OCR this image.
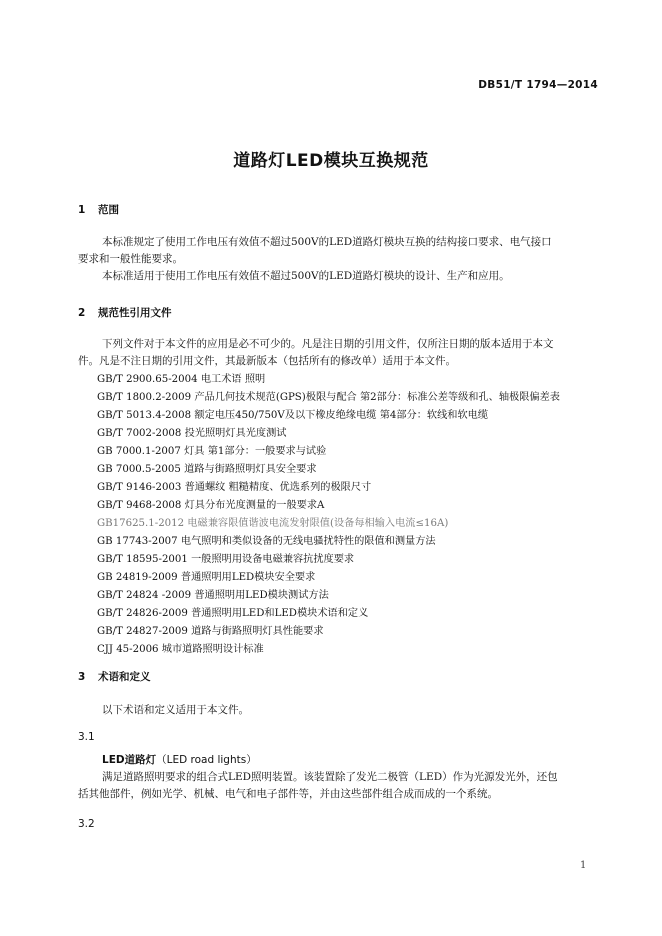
DB51/T 1794—2014
道路灯LED模块互换规范
1 范围
本标准规定了使用工作电压有效值不超过500V的LED道路灯模块互换的结构接口要求、电气接口
要求和一般性能要求。
本标准适用于使用工作电压有效值不超过500V的LED道路灯模块的设计、生产和应用。
2 规范性引用文件
下列文件对于本文件的应用是必不可少的。凡是注日期的引用文件，仅所注日期的版本适用于本文
件。凡是不注日期的引用文件，其最新版本（包括所有的修改单）适用于本文件。
GB/T 2900.65-2004 电工术语 照明
GB/T 1800.2-2009 产品几何技术规范(GPS)极限与配合 第2部分：标准公差等级和孔、轴极限偏差表
GB/T 5013.4-2008 额定电压450/750V及以下橡皮绝缘电缆 第4部分：软线和软电缆
GB/T 7002-2008 投光照明灯具光度测试
GB 7000.1-2007 灯具 第1部分：一般要求与试验
GB 7000.5-2005 道路与街路照明灯具安全要求
GB/T 9146-2003 普通螺纹 粗糙精度、优选系列的极限尺寸
GB/T 9468-2008 灯具分布光度测量的一般要求A
GB17625.1-2012 电磁兼容限值谐波电流发射限值(设备每相输入电流≤16A)
GB 17743-2007 电气照明和类似设备的无线电骚扰特性的限值和测量方法
GB/T 18595-2001 一般照明用设备电磁兼容抗扰度要求
GB 24819-2009 普通照明用LED模块安全要求
GB/T 24824 -2009 普通照明用LED模块测试方法
GB/T 24826-2009 普通照明用LED和LED模块术语和定义
GB/T 24827-2009 道路与街路照明灯具性能要求
CJJ 45-2006 城市道路照明设计标准
3 术语和定义
以下术语和定义适用于本文件。
3.1
LED道路灯（LED road lights）
满足道路照明要求的组合式LED照明装置。该装置除了发光二极管（LED）作为光源发光外，还包
括其他部件，例如光学、机械、电气和电子部件等，并由这些部件组合成而成的一个系统。
3.2
1
